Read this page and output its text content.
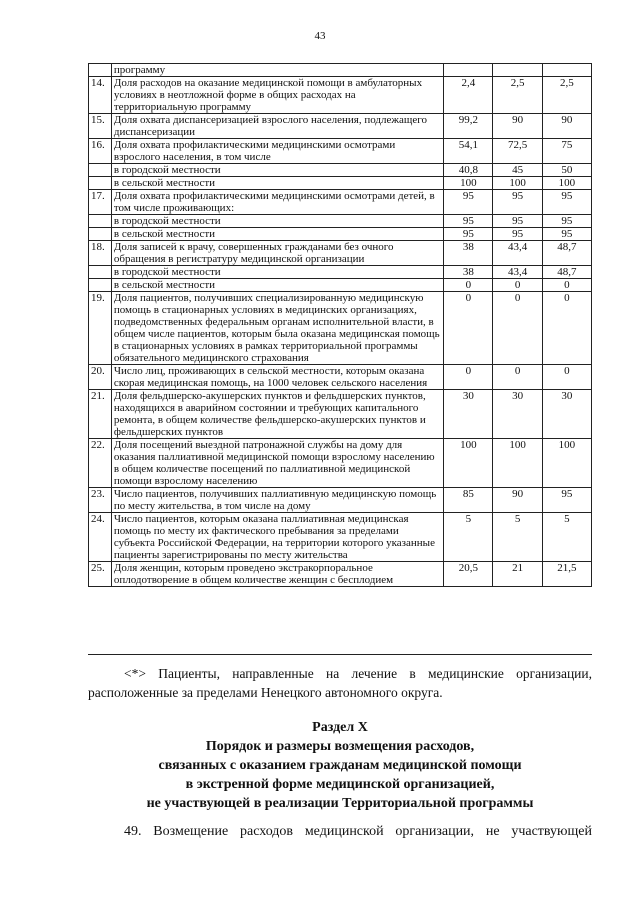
43
	программу			
14.	Доля расходов на оказание медицинской помощи в амбулаторных условиях в неотложной форме в общих расходах на территориальную программу	2,4	2,5	2,5
15.	Доля охвата диспансеризацией взрослого населения, подлежащего диспансеризации	99,2	90	90
16.	Доля охвата профилактическими медицинскими осмотрами взрослого населения, в том числе	54,1	72,5	75
	в городской местности	40,8	45	50
	в сельской местности	100	100	100
17.	Доля охвата профилактическими медицинскими осмотрами детей, в том числе проживающих:	95	95	95
	в городской местности	95	95	95
	в сельской местности	95	95	95
18.	Доля записей к врачу, совершенных гражданами без очного обращения в регистратуру медицинской организации	38	43,4	48,7
	в городской местности	38	43,4	48,7
	в сельской местности	0	0	0
19.	Доля пациентов, получивших специализированную медицинскую помощь в стационарных условиях в медицинских организациях, подведомственных федеральным органам исполнительной власти, в общем числе пациентов, которым была оказана медицинская помощь в стационарных условиях в рамках территориальной программы обязательного медицинского страхования	0	0	0
20.	Число лиц, проживающих в сельской местности, которым оказана скорая медицинская помощь, на 1000 человек сельского населения	0	0	0
21.	Доля фельдшерско-акушерских пунктов и фельдшерских пунктов, находящихся в аварийном состоянии и требующих капитального ремонта, в общем количестве фельдшерско-акушерских пунктов и фельдшерских пунктов	30	30	30
22.	Доля посещений выездной патронажной службы на дому для оказания паллиативной медицинской помощи взрослому населению в общем количестве посещений по паллиативной медицинской помощи взрослому населению	100	100	100
23.	Число пациентов, получивших паллиативную медицинскую помощь по месту жительства, в том числе на дому	85	90	95
24.	Число пациентов, которым оказана паллиативная медицинская помощь по месту их фактического пребывания за пределами субъекта Российской Федерации, на территории которого указанные пациенты зарегистрированы по месту жительства	5	5	5
25.	Доля женщин, которым проведено экстракорпоральное оплодотворение в общем количестве женщин с бесплодием	20,5	21	21,5
<*> Пациенты, направленные на лечение в медицинские организации, расположенные за пределами Ненецкого автономного округа.
Раздел X
Порядок и размеры возмещения расходов,
связанных с оказанием гражданам медицинской помощи
в экстренной форме медицинской организацией,
не участвующей в реализации Территориальной программы
49. Возмещение расходов медицинской организации, не участвующей
